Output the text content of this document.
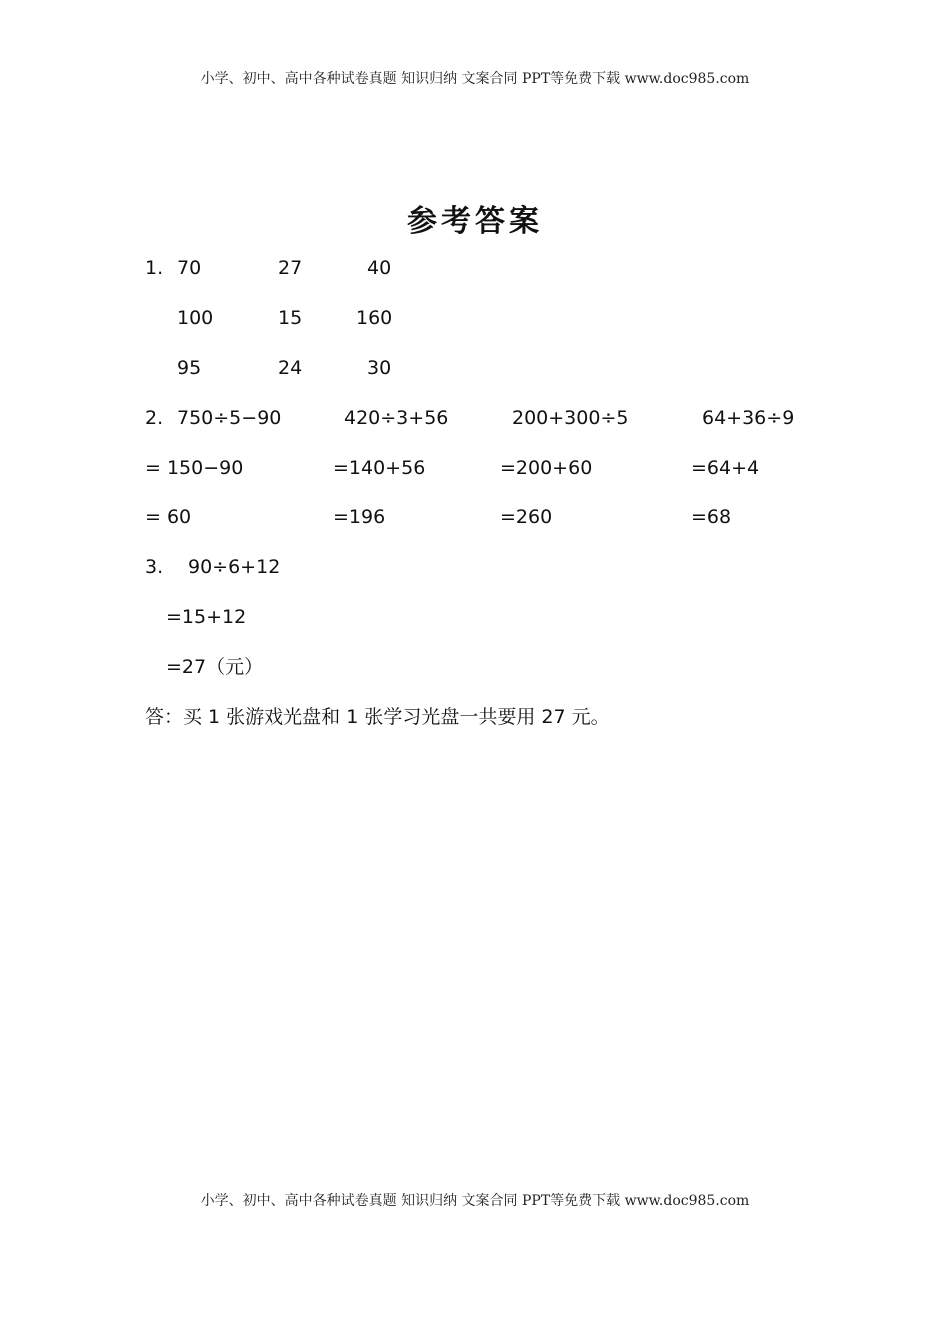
小学、初中、高中各种试卷真题 知识归纳 文案合同 PPT等免费下载 www.doc985.com
参考答案
1. 70	27	40
100	15	160
95	24	30
2. 750÷5−90	420÷3+56	200+300÷5	64+36÷9
= 150−90	=140+56	=200+60	=64+4
= 60	=196	=260	=68
3. 90÷6+12
=15+12
=27（元）
答：买 1 张游戏光盘和 1 张学习光盘一共要用 27 元。
小学、初中、高中各种试卷真题 知识归纳 文案合同 PPT等免费下载 www.doc985.com
